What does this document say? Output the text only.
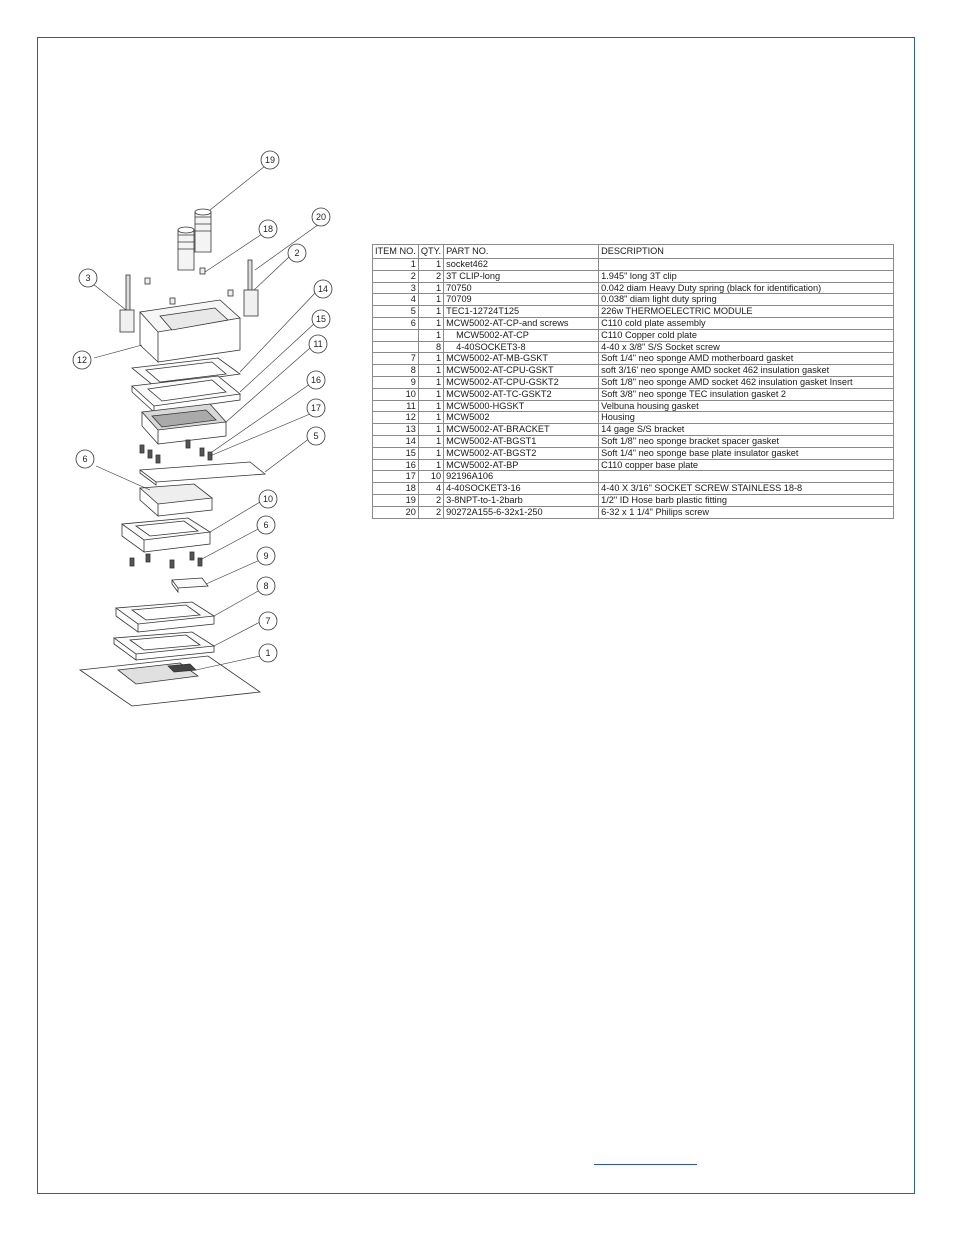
19
18
20
2
3
14
15
12
11
16
17
5
6
10
6
9
8
7
1
ITEM NO.	QTY.	PART NO.	DESCRIPTION
1	1	socket462	
2	2	3T CLIP-long	1.945" long 3T clip
3	1	70750	0.042 diam Heavy Duty spring (black for identification)
4	1	70709	0.038" diam light duty spring
5	1	TEC1-12724T125	226w THERMOELECTRIC MODULE
6	1	MCW5002-AT-CP-and screws	C110 cold plate assembly
	1	MCW5002-AT-CP	C110 Copper cold plate
	8	4-40SOCKET3-8	4-40 x 3/8" S/S Socket screw
7	1	MCW5002-AT-MB-GSKT	Soft 1/4" neo sponge AMD motherboard gasket
8	1	MCW5002-AT-CPU-GSKT	soft 3/16' neo sponge AMD socket 462 insulation gasket
9	1	MCW5002-AT-CPU-GSKT2	Soft 1/8" neo sponge AMD socket 462 insulation gasket Insert
10	1	MCW5002-AT-TC-GSKT2	Soft 3/8" neo sponge TEC insulation gasket 2
11	1	MCW5000-HGSKT	Velbuna housing gasket
12	1	MCW5002	Housing
13	1	MCW5002-AT-BRACKET	14 gage S/S bracket
14	1	MCW5002-AT-BGST1	Soft 1/8" neo sponge bracket spacer gasket
15	1	MCW5002-AT-BGST2	Soft 1/4" neo sponge base plate insulator gasket
16	1	MCW5002-AT-BP	C110 copper base plate
17	10	92196A106	
18	4	4-40SOCKET3-16	4-40 X 3/16" SOCKET SCREW STAINLESS 18-8
19	2	3-8NPT-to-1-2barb	1/2" ID Hose barb plastic fitting
20	2	90272A155-6-32x1-250	6-32 x 1 1/4" Philips screw
